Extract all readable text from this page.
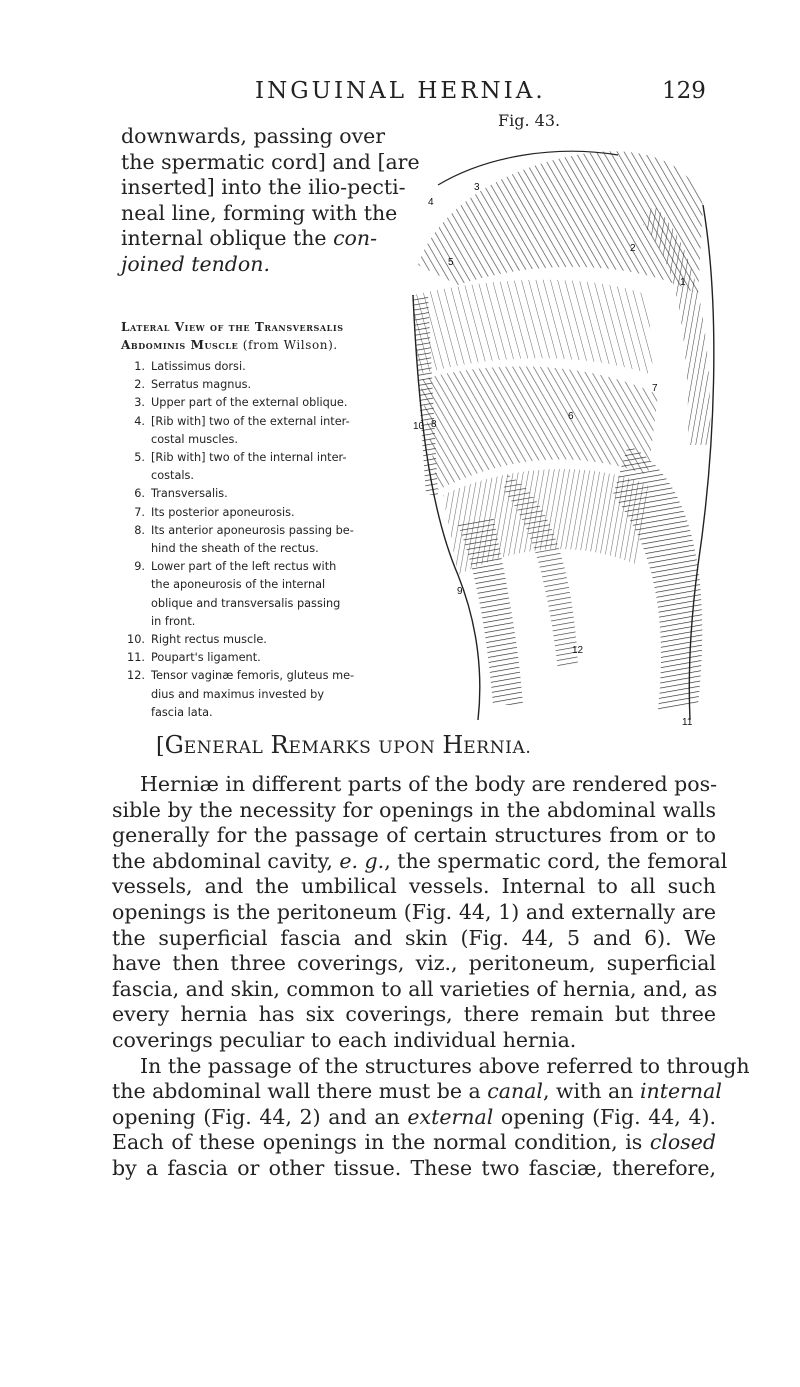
INGUINAL HERNIA.	129

downwards, passing over
the spermatic cord] and [are
inserted] into the ilio-pecti-
neal line, forming with the
internal oblique the con-
joined tendon.

Lateral View of the Transversalis
Abdominis Muscle (from Wilson).
1. Latissimus dorsi.
2. Serratus magnus.
3. Upper part of the external oblique.
4. [Rib with] two of the external inter-
costal muscles.
5. [Rib with] two of the internal inter-
costals.
6. Transversalis.
7. Its posterior aponeurosis.
8. Its anterior aponeurosis passing be-
hind the sheath of the rectus.
9. Lower part of the left rectus with
the aponeurosis of the internal
oblique and transversalis passing
in front.
10. Right rectus muscle.
11. Poupart's ligament.
12. Tensor vaginæ femoris, gluteus me-
dius and maximus invested by
fascia lata.
Fig. 43.
1
2
3
4
5
6
7
8
9
10
11
12
[GENERAL REMARKS UPON HERNIA.
Herniæ in different parts of the body are rendered pos-
sible by the necessity for openings in the abdominal walls
generally for the passage of certain structures from or to
the abdominal cavity, e. g., the spermatic cord, the femoral
vessels, and the umbilical vessels. Internal to all such
openings is the peritoneum (Fig. 44, 1) and externally are
the superficial fascia and skin (Fig. 44, 5 and 6). We
have then three coverings, viz., peritoneum, superficial
fascia, and skin, common to all varieties of hernia, and, as
every hernia has six coverings, there remain but three
coverings peculiar to each individual hernia.
In the passage of the structures above referred to through
the abdominal wall there must be a canal, with an internal
opening (Fig. 44, 2) and an external opening (Fig. 44, 4).
Each of these openings in the normal condition, is closed
by a fascia or other tissue. These two fasciæ, therefore,
